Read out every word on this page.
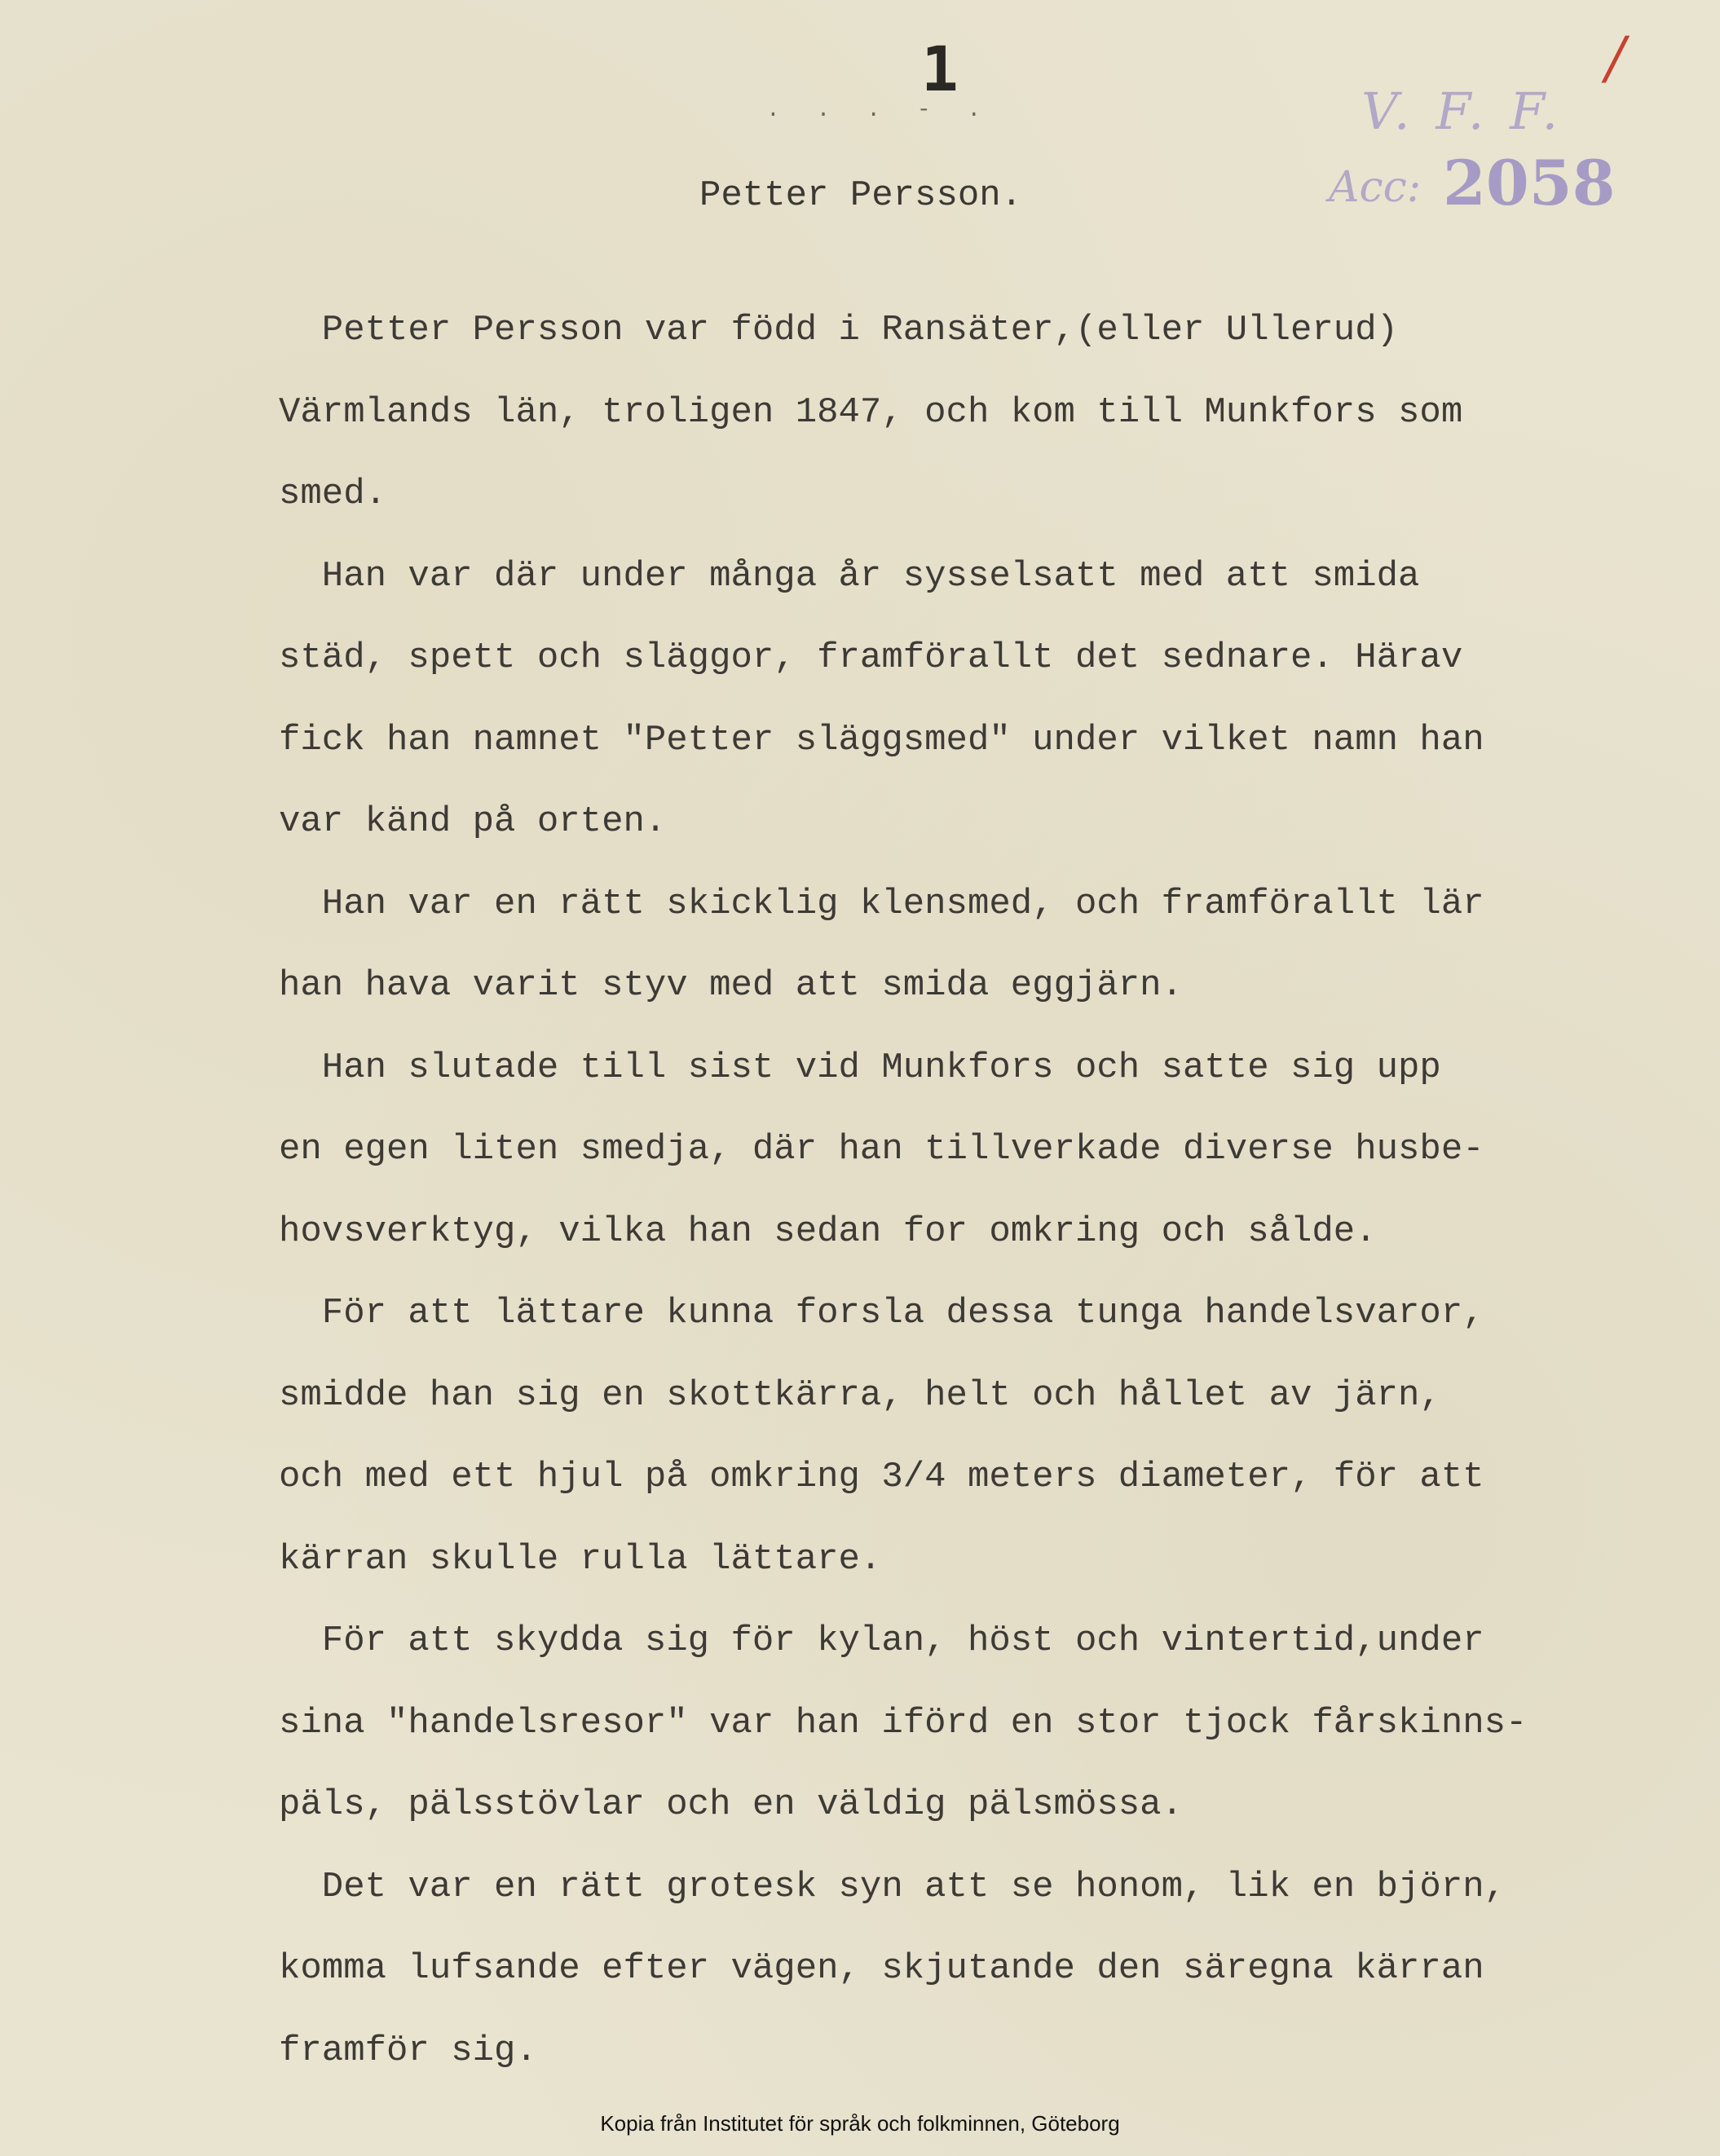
1
. . . - .
/
V. F. F.
Acc: 2058
Petter Persson.
Petter Persson var född i Ransäter,(eller Ullerud)
Värmlands län, troligen 1847, och kom till Munkfors som
smed.
Han var där under många år sysselsatt med att smida
städ, spett och släggor, framförallt det sednare. Härav
fick han namnet "Petter släggsmed" under vilket namn han
var känd på orten.
Han var en rätt skicklig klensmed, och framförallt lär
han hava varit styv med att smida eggjärn.
Han slutade till sist vid Munkfors och satte sig upp
en egen liten smedja, där han tillverkade diverse husbe-
hovsverktyg, vilka han sedan for omkring och sålde.
För att lättare kunna forsla dessa tunga handelsvaror,
smidde han sig en skottkärra, helt och hållet av järn,
och med ett hjul på omkring 3/4 meters diameter, för att
kärran skulle rulla lättare.
För att skydda sig för kylan, höst och vintertid,under
sina "handelsresor" var han iförd en stor tjock fårskinns-
päls, pälsstövlar och en väldig pälsmössa.
Det var en rätt grotesk syn att se honom, lik en björn,
komma lufsande efter vägen, skjutande den säregna kärran
framför sig.
Kopia från Institutet för språk och folkminnen, Göteborg
